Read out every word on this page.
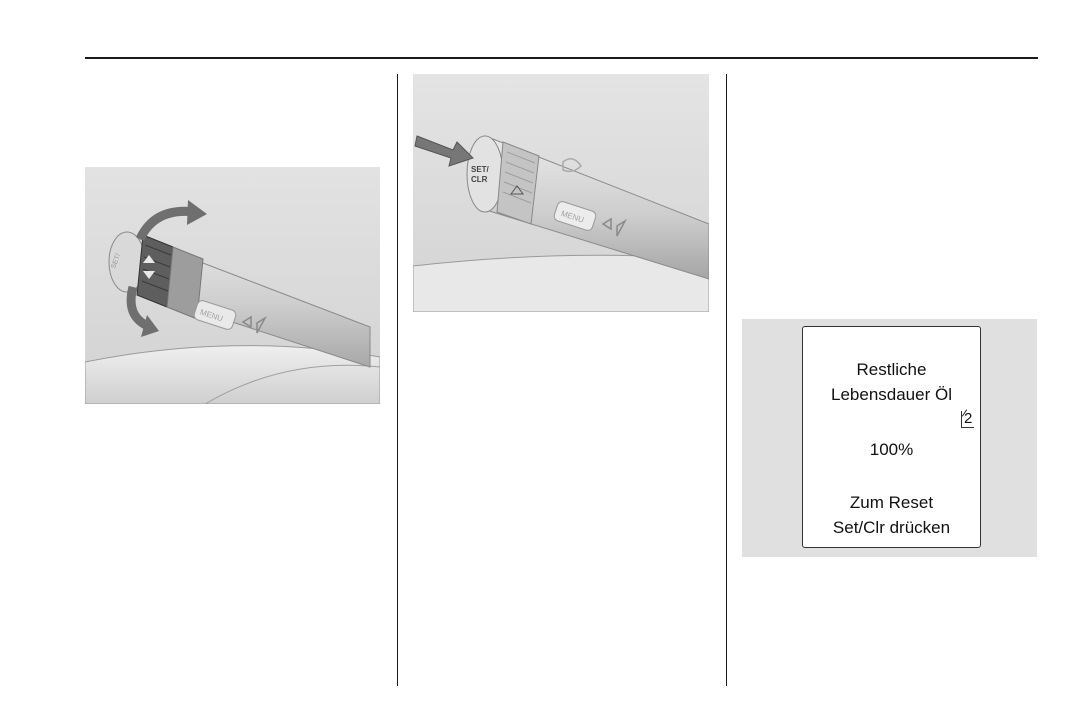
MENU
SET/
SET/
CLR
MENU
Restliche
Lebensdauer Öl
2
100%
Zum Reset
Set/Clr drücken
